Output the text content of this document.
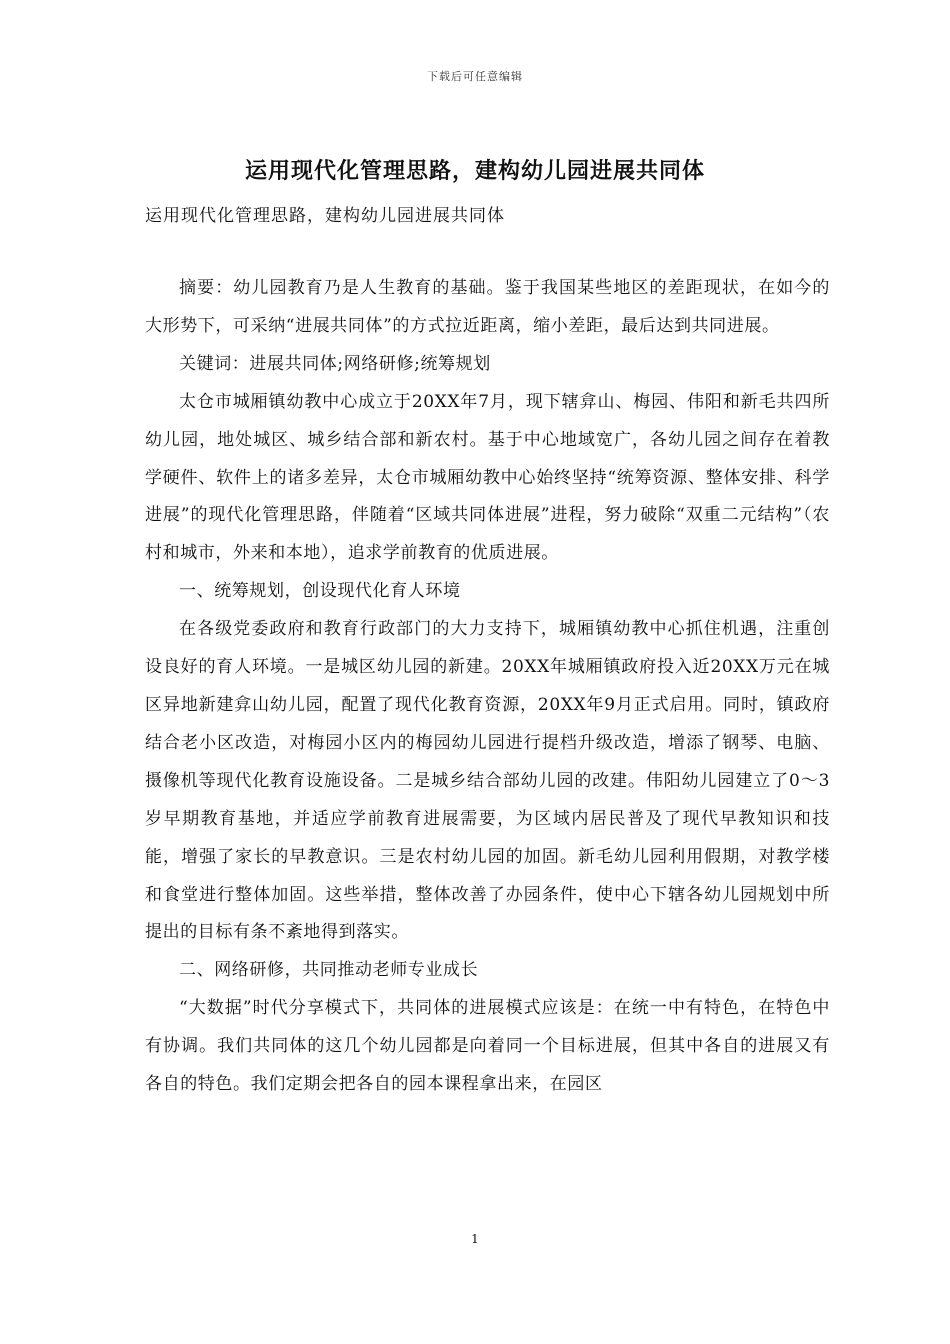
下载后可任意编辑
运用现代化管理思路，建构幼儿园进展共同体
运用现代化管理思路，建构幼儿园进展共同体

摘要：幼儿园教育乃是人生教育的基础。鉴于我国某些地区的差距现状，在如今的大形势下，可采纳“进展共同体”的方式拉近距离，缩小差距，最后达到共同进展。

关键词：进展共同体;网络研修;统筹规划

太仓市城厢镇幼教中心成立于20XX年7月，现下辖弇山、梅园、伟阳和新毛共四所幼儿园，地处城区、城乡结合部和新农村。基于中心地域宽广，各幼儿园之间存在着教学硬件、软件上的诸多差异，太仓市城厢幼教中心始终坚持“统筹资源、整体安排、科学进展”的现代化管理思路，伴随着“区域共同体进展”进程，努力破除“双重二元结构”（农村和城市，外来和本地），追求学前教育的优质进展。

一、统筹规划，创设现代化育人环境

在各级党委政府和教育行政部门的大力支持下，城厢镇幼教中心抓住机遇，注重创设良好的育人环境。一是城区幼儿园的新建。20XX年城厢镇政府投入近20XX万元在城区异地新建弇山幼儿园，配置了现代化教育资源，20XX年9月正式启用。同时，镇政府结合老小区改造，对梅园小区内的梅园幼儿园进行提档升级改造，增添了钢琴、电脑、摄像机等现代化教育设施设备。二是城乡结合部幼儿园的改建。伟阳幼儿园建立了0～3岁早期教育基地，并适应学前教育进展需要，为区域内居民普及了现代早教知识和技能，增强了家长的早教意识。三是农村幼儿园的加固。新毛幼儿园利用假期，对教学楼和食堂进行整体加固。这些举措，整体改善了办园条件，使中心下辖各幼儿园规划中所提出的目标有条不紊地得到落实。

二、网络研修，共同推动老师专业成长

“大数据”时代分享模式下，共同体的进展模式应该是：在统一中有特色，在特色中有协调。我们共同体的这几个幼儿园都是向着同一个目标进展，但其中各自的进展又有各自的特色。我们定期会把各自的园本课程拿出来，在园区

1
